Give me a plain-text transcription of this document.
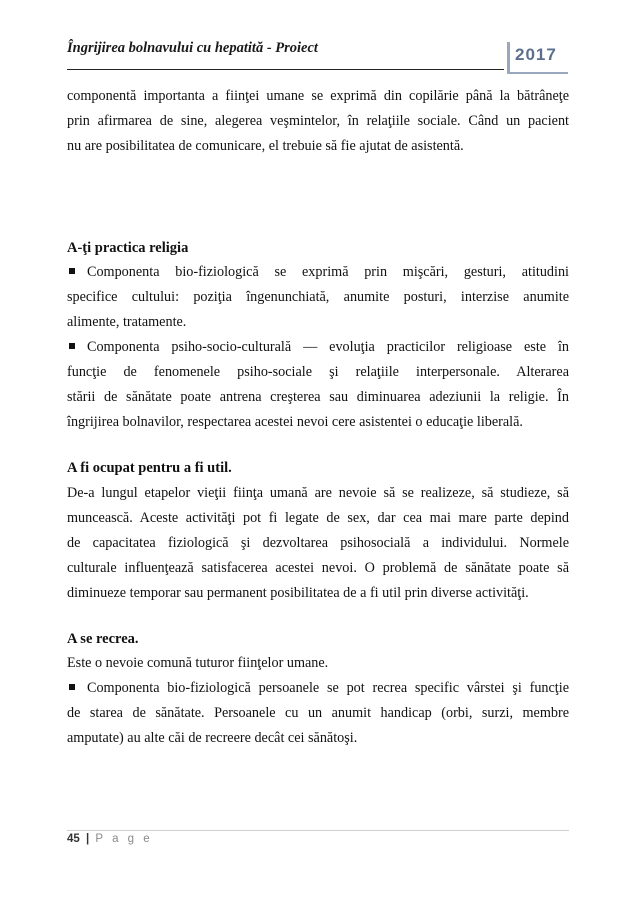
Îngrijirea bolnavului cu hepatită - Proiect	2017

componentă importanta a fiinţei umane se exprimă din copilărie până la bătrâneţe
prin afirmarea de sine, alegerea veşmintelor, în relaţiile sociale. Când un pacient
nu are posibilitatea de comunicare, el trebuie să fie ajutat de asistentă.

A-ţi practica religia

Componenta bio-fiziologică se exprimă prin mişcări, gesturi, atitudini
specifice cultului: poziţia îngenunchiată, anumite posturi, interzise anumite
alimente, tratamente.
Componenta psiho-socio-culturală — evoluţia practicilor religioase este în
funcţie de fenomenele psiho-sociale şi relaţiile interpersonale. Alterarea
stării de sănătate poate antrena creşterea sau diminuarea adeziunii la religie. În
îngrijirea bolnavilor, respectarea acestei nevoi cere asistentei o educaţie liberală.

A fi ocupat pentru a fi util.

De-a lungul etapelor vieţii fiinţa umană are nevoie să se realizeze, să studieze, să
muncească. Aceste activităţi pot fi legate de sex, dar cea mai mare parte depind
de capacitatea fiziologică şi dezvoltarea psihosocială a individului. Normele
culturale influenţează satisfacerea acestei nevoi. O problemă de sănătate poate să
diminueze temporar sau permanent posibilitatea de a fi util prin diverse activităţi.

A se recrea.

Este o nevoie comună tuturor fiinţelor umane.
Componenta bio-fiziologică persoanele se pot recrea specific vârstei şi funcţie
de starea de sănătate. Persoanele cu un anumit handicap (orbi, surzi, membre
amputate) au alte căi de recreere decât cei sănătoşi.
45 | P a g e
